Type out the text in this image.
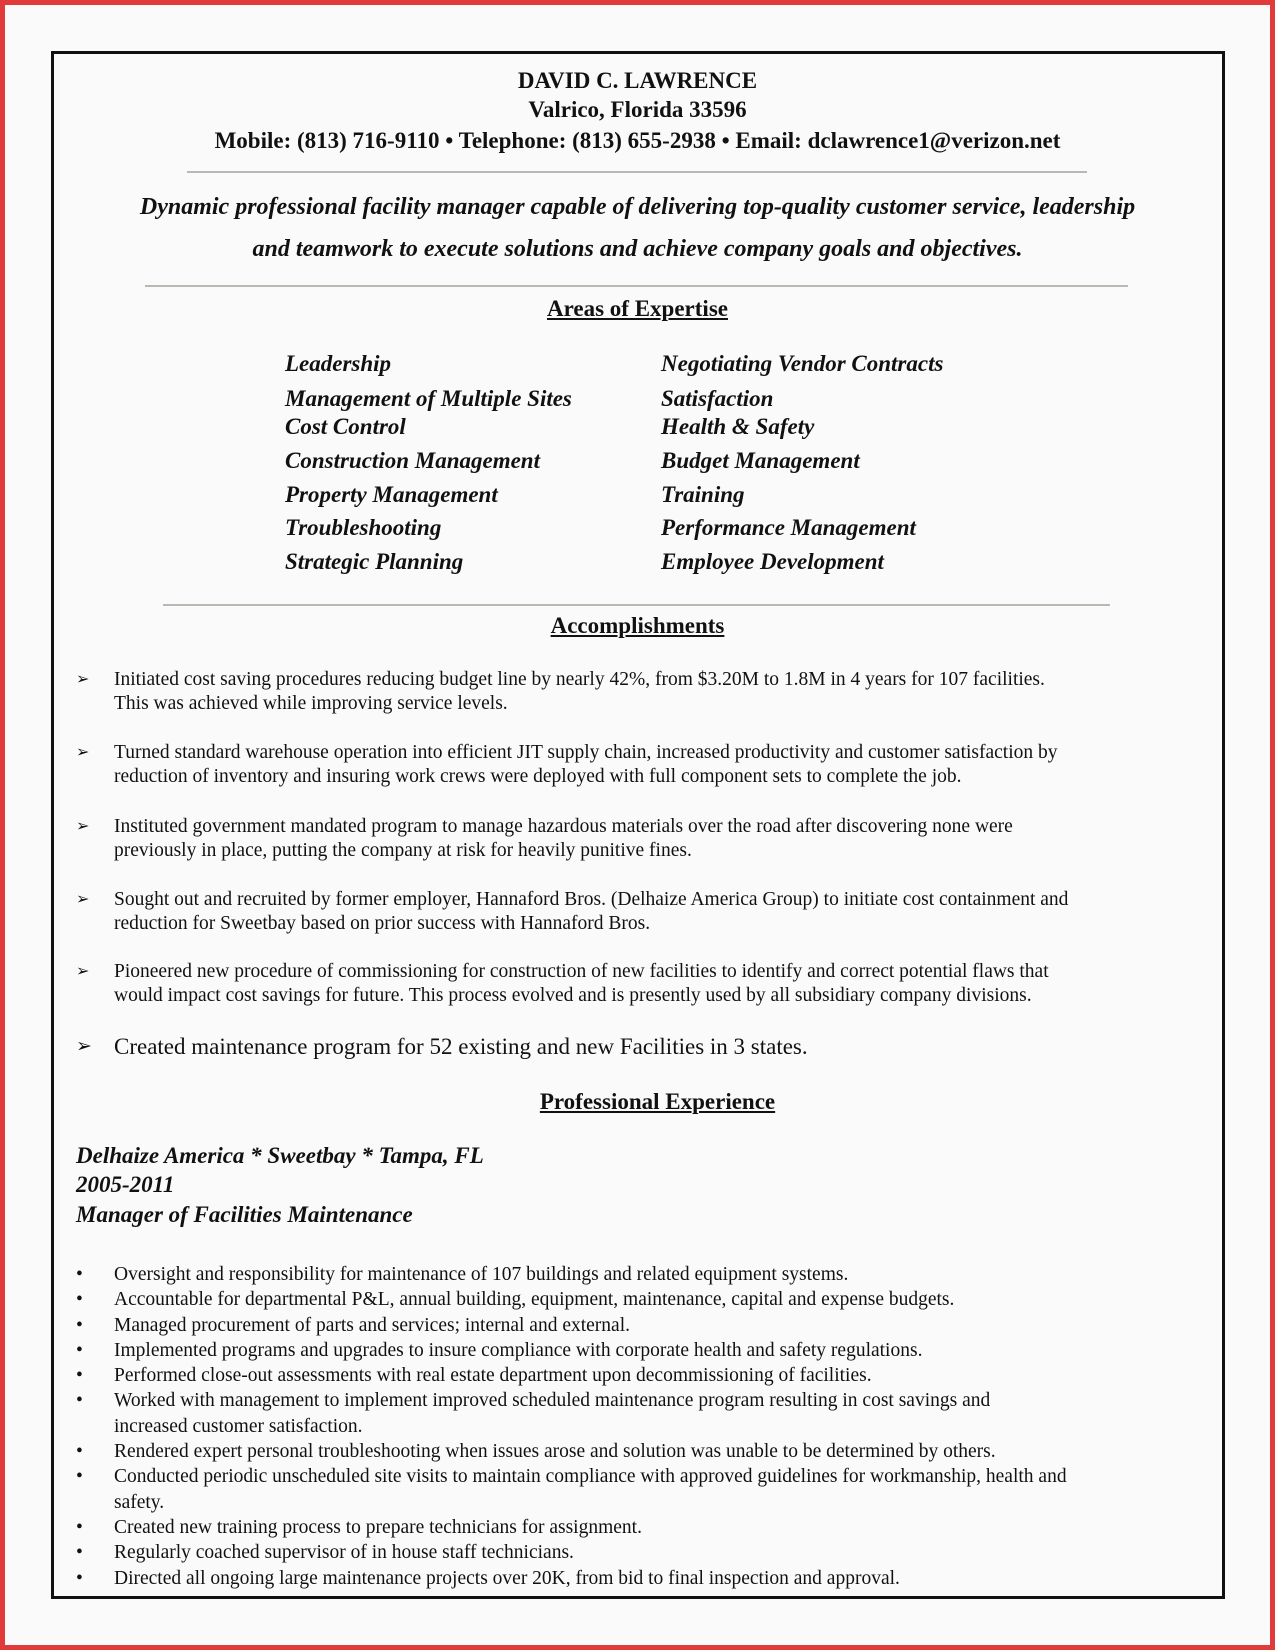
DAVID C. LAWRENCE
Valrico, Florida 33596
Mobile: (813) 716-9110 • Telephone: (813) 655-2938 • Email: dclawrence1@verizon.net
Dynamic professional facility manager capable of delivering top-quality customer service, leadership
and teamwork to execute solutions and achieve company goals and objectives.
Areas of Expertise
Leadership
Management of Multiple Sites
Cost Control
Construction Management
Property Management
Troubleshooting
Strategic Planning
Negotiating Vendor Contracts
Satisfaction
Health & Safety
Budget Management
Training
Performance Management
Employee Development
Accomplishments
➢ Initiated cost saving procedures reducing budget line by nearly 42%, from $3.20M to 1.8M in 4 years for 107 facilities.
This was achieved while improving service levels.
➢ Turned standard warehouse operation into efficient JIT supply chain, increased productivity and customer satisfaction by
reduction of inventory and insuring work crews were deployed with full component sets to complete the job.
➢ Instituted government mandated program to manage hazardous materials over the road after discovering none were
previously in place, putting the company at risk for heavily punitive fines.
➢ Sought out and recruited by former employer, Hannaford Bros. (Delhaize America Group) to initiate cost containment and
reduction for Sweetbay based on prior success with Hannaford Bros.
➢ Pioneered new procedure of commissioning for construction of new facilities to identify and correct potential flaws that
would impact cost savings for future. This process evolved and is presently used by all subsidiary company divisions.
➢ Created maintenance program for 52 existing and new Facilities in 3 states.
Professional Experience
Delhaize America * Sweetbay * Tampa, FL
2005-2011
Manager of Facilities Maintenance
• Oversight and responsibility for maintenance of 107 buildings and related equipment systems.
• Accountable for departmental P&L, annual building, equipment, maintenance, capital and expense budgets.
• Managed procurement of parts and services; internal and external.
• Implemented programs and upgrades to insure compliance with corporate health and safety regulations.
• Performed close-out assessments with real estate department upon decommissioning of facilities.
• Worked with management to implement improved scheduled maintenance program resulting in cost savings and
increased customer satisfaction.
• Rendered expert personal troubleshooting when issues arose and solution was unable to be determined by others.
• Conducted periodic unscheduled site visits to maintain compliance with approved guidelines for workmanship, health and
safety.
• Created new training process to prepare technicians for assignment.
• Regularly coached supervisor of in house staff technicians.
• Directed all ongoing large maintenance projects over 20K, from bid to final inspection and approval.
